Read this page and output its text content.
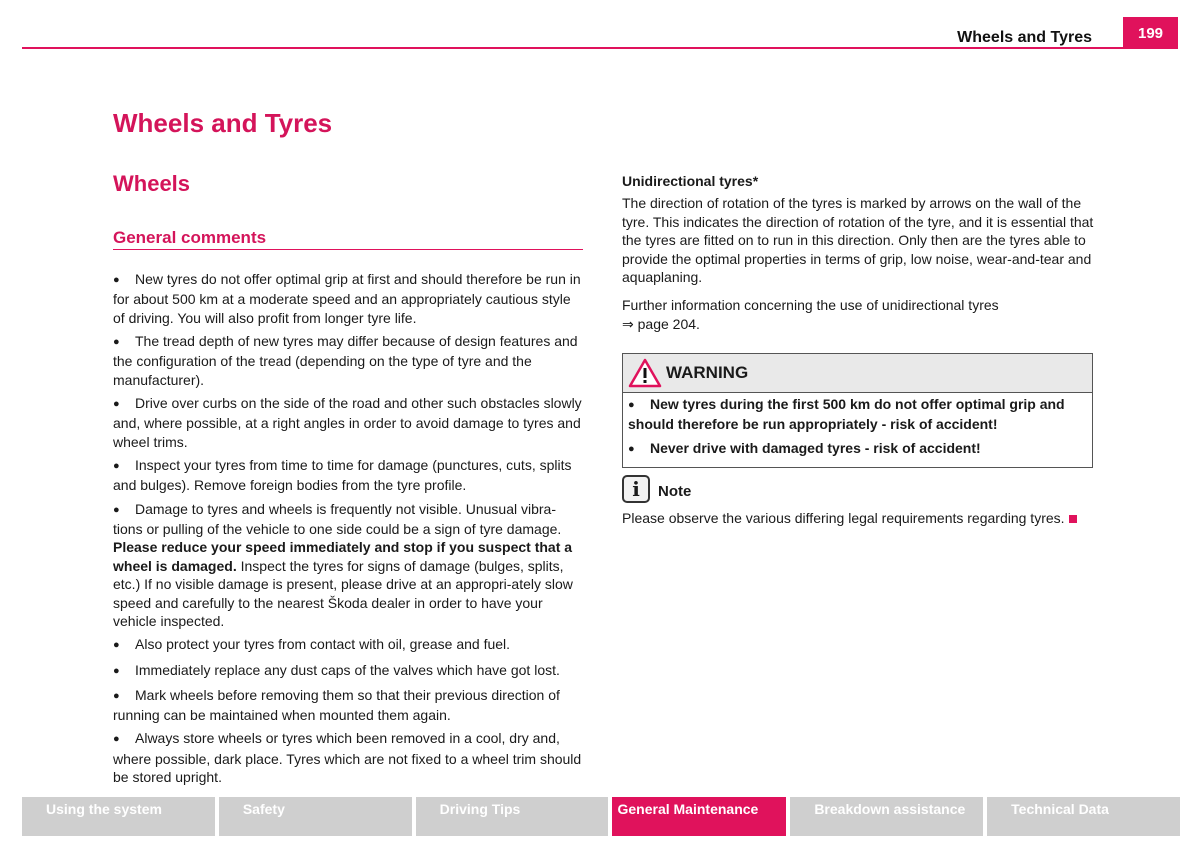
Wheels and Tyres	199
Wheels and Tyres
Wheels
General comments

● New tyres do not offer optimal grip at first and should therefore be run in for about 500 km at a moderate speed and an appropriately cautious style of driving. You will also profit from longer tyre life.

● The tread depth of new tyres may differ because of design features and the configuration of the tread (depending on the type of tyre and the manufacturer).

● Drive over curbs on the side of the road and other such obstacles slowly and, where possible, at a right angles in order to avoid damage to tyres and wheel trims.

● Inspect your tyres from time to time for damage (punctures, cuts, splits and bulges). Remove foreign bodies from the tyre profile.

● Damage to tyres and wheels is frequently not visible. Unusual vibra-tions or pulling of the vehicle to one side could be a sign of tyre damage. Please reduce your speed immediately and stop if you suspect that a wheel is damaged. Inspect the tyres for signs of damage (bulges, splits, etc.) If no visible damage is present, please drive at an appropri-ately slow speed and carefully to the nearest Škoda dealer in order to have your vehicle inspected.

● Also protect your tyres from contact with oil, grease and fuel.

● Immediately replace any dust caps of the valves which have got lost.

● Mark wheels before removing them so that their previous direction of running can be maintained when mounted them again.

● Always store wheels or tyres which been removed in a cool, dry and, where possible, dark place. Tyres which are not fixed to a wheel trim should be stored upright.

Unidirectional tyres*

The direction of rotation of the tyres is marked by arrows on the wall of the tyre. This indicates the direction of rotation of the tyre, and it is essential that the tyres are fitted on to run in this direction. Only then are the tyres able to provide the optimal properties in terms of grip, low noise, wear-and-tear and aquaplaning.

Further information concerning the use of unidirectional tyres

⇒ page 204.

WARNING

● New tyres during the first 500 km do not offer optimal grip and should therefore be run appropriately - risk of accident!

● Never drive with damaged tyres - risk of accident!

i	Note
Please observe the various differing legal requirements regarding tyres.
Using the system	Safety	Driving Tips	General Maintenance	Breakdown assistance	Technical Data
